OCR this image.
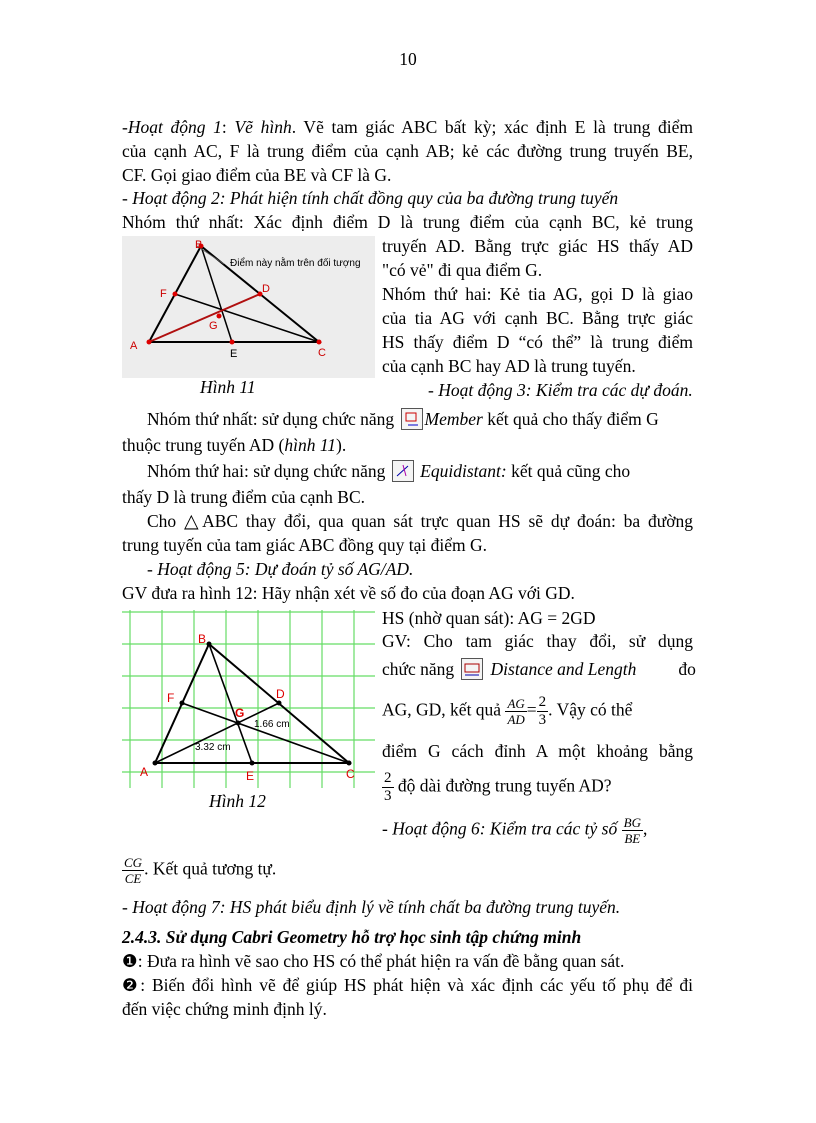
10
-Hoạt động 1: Vẽ hình. Vẽ tam giác ABC bất kỳ; xác định E là trung điểm
của cạnh AC, F là trung điểm của cạnh AB; kẻ các đường trung truyến BE,
CF. Gọi giao điểm của BE và CF là G.
- Hoạt động 2: Phát hiện tính chất đồng quy của ba đường trung tuyến
Nhóm thứ nhất: Xác định điểm D là trung điểm của cạnh BC, kẻ trung
B
Điểm này nằm trên đối tượng
F	D
G
A
E	C
Hình 11
truyến AD. Bằng trực giác HS thấy AD
"có vẻ" đi qua điểm G.
Nhóm thứ hai: Kẻ tia AG, gọi D là giao
của tia AG với cạnh BC. Bằng trực giác
HS thấy điểm D “có thể” là trung điểm
của cạnh BC hay AD là trung tuyến.
- Hoạt động 3: Kiểm tra các dự đoán.
Nhóm thứ nhất: sử dụng chức năng Member kết quả cho thấy điểm G
thuộc trung tuyến AD (hình 11).
Nhóm thứ hai: sử dụng chức năng  Equidistant: kết quả cũng cho
thấy D là trung điểm của cạnh BC.
Cho △ABC thay đổi, qua quan sát trực quan HS sẽ dự đoán: ba đường
trung tuyến của tam giác ABC đồng quy tại điểm G.
- Hoạt động 5: Dự đoán tỷ số AG/AD.
GV đưa ra hình 12: Hãy nhận xét về số đo của đoạn AG với GD.
B
F	D
G
1.66 cm
3.32 cm
A	E	C
Hình 12
HS (nhờ quan sát): AG = 2GD
GV: Cho tam giác thay đổi, sử dụng
chức năng Distance and Length đo
AG, GD, kết quả $\frac{AG}{AD} = \frac{2}{3}$ . Vậy có thể
điểm G cách đỉnh A một khoảng bằng
$\frac{2}{3}$ độ dài đường trung tuyến AD?
- Hoạt động 6: Kiểm tra các tỷ số $\frac{BG}{BE}$ ,
$\frac{CG}{CE}$ . Kết quả tương tự.
- Hoạt động 7: HS phát biểu định lý về tính chất ba đường trung tuyến.
2.4.3. Sử dụng Cabri Geometry hỗ trợ học sinh tập chứng minh
❶: Đưa ra hình vẽ sao cho HS có thể phát hiện ra vấn đề bằng quan sát.
❷: Biến đổi hình vẽ để giúp HS phát hiện và xác định các yếu tố phụ để đi
đến việc chứng minh định lý.
